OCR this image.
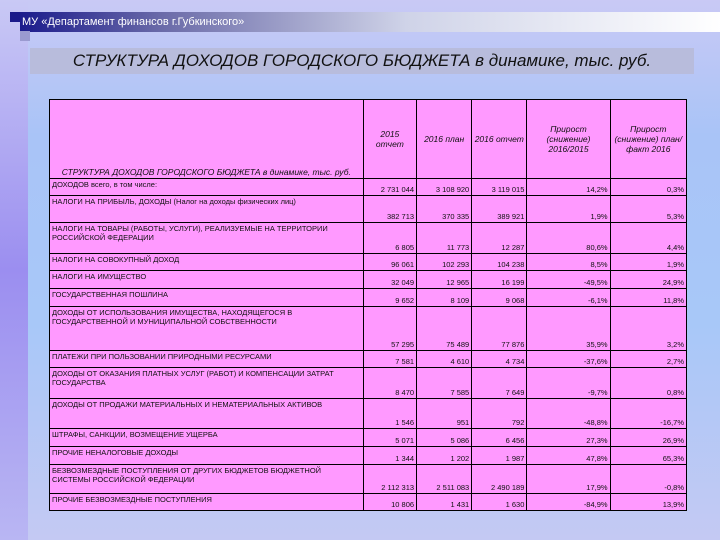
МУ «Департамент финансов г.Губкинского»
СТРУКТУРА ДОХОДОВ ГОРОДСКОГО БЮДЖЕТА в динамике, тыс. руб.
СТРУКТУРА ДОХОДОВ ГОРОДСКОГО БЮДЖЕТА в динамике, тыс. руб.	2015 отчет	2016 план	2016 отчет	Прирост (снижение) 2016/2015	Прирост (снижение) план/факт 2016
ДОХОДОВ всего, в том числе:	2 731 044	3 108 920	3 119 015	14,2%	0,3%
НАЛОГИ НА ПРИБЫЛЬ, ДОХОДЫ (Налог на доходы физических лиц)	382 713	370 335	389 921	1,9%	5,3%
НАЛОГИ НА ТОВАРЫ (РАБОТЫ, УСЛУГИ), РЕАЛИЗУЕМЫЕ НА ТЕРРИТОРИИ РОССИЙСКОЙ ФЕДЕРАЦИИ	6 805	11 773	12 287	80,6%	4,4%
НАЛОГИ НА СОВОКУПНЫЙ ДОХОД	96 061	102 293	104 238	8,5%	1,9%
НАЛОГИ НА ИМУЩЕСТВО	32 049	12 965	16 199	-49,5%	24,9%
ГОСУДАРСТВЕННАЯ ПОШЛИНА	9 652	8 109	9 068	-6,1%	11,8%
ДОХОДЫ ОТ ИСПОЛЬЗОВАНИЯ ИМУЩЕСТВА, НАХОДЯЩЕГОСЯ В ГОСУДАРСТВЕННОЙ И МУНИЦИПАЛЬНОЙ СОБСТВЕННОСТИ	57 295	75 489	77 876	35,9%	3,2%
ПЛАТЕЖИ ПРИ ПОЛЬЗОВАНИИ ПРИРОДНЫМИ РЕСУРСАМИ	7 581	4 610	4 734	-37,6%	2,7%
ДОХОДЫ ОТ ОКАЗАНИЯ ПЛАТНЫХ УСЛУГ (РАБОТ) И КОМПЕНСАЦИИ ЗАТРАТ ГОСУДАРСТВА	8 470	7 585	7 649	-9,7%	0,8%
ДОХОДЫ ОТ ПРОДАЖИ МАТЕРИАЛЬНЫХ И НЕМАТЕРИАЛЬНЫХ АКТИВОВ	1 546	951	792	-48,8%	-16,7%
ШТРАФЫ, САНКЦИИ, ВОЗМЕЩЕНИЕ УЩЕРБА	5 071	5 086	6 456	27,3%	26,9%
ПРОЧИЕ НЕНАЛОГОВЫЕ ДОХОДЫ	1 344	1 202	1 987	47,8%	65,3%
БЕЗВОЗМЕЗДНЫЕ ПОСТУПЛЕНИЯ ОТ ДРУГИХ БЮДЖЕТОВ БЮДЖЕТНОЙ СИСТЕМЫ РОССИЙСКОЙ ФЕДЕРАЦИИ	2 112 313	2 511 083	2 490 189	17,9%	-0,8%
ПРОЧИЕ БЕЗВОЗМЕЗДНЫЕ ПОСТУПЛЕНИЯ	10 806	1 431	1 630	-84,9%	13,9%
